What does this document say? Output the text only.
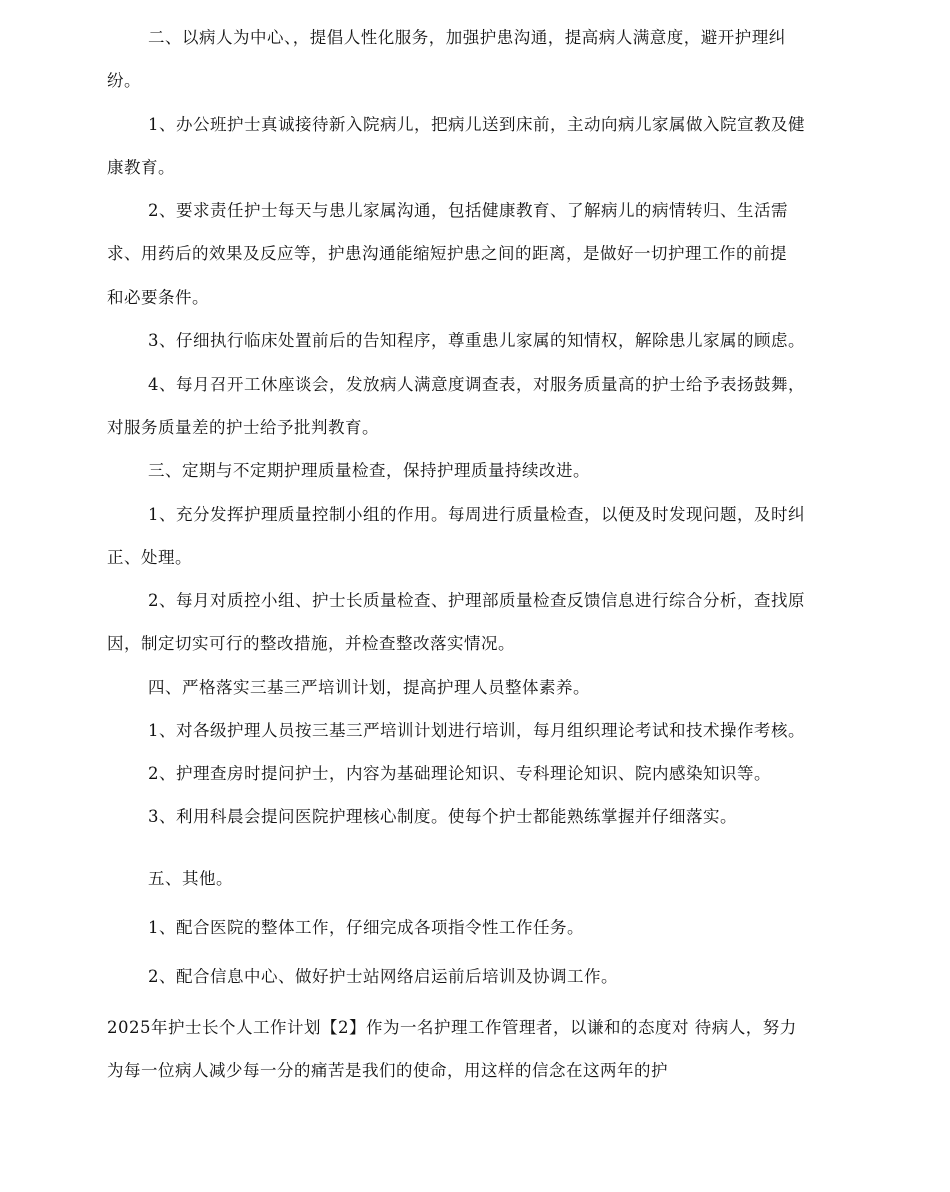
二、以病人为中心、，提倡人性化服务，加强护患沟通，提高病人满意度，避开护理纠
纷。
1、办公班护士真诚接待新入院病儿，把病儿送到床前，主动向病儿家属做入院宣教及健
康教育。
2、要求责任护士每天与患儿家属沟通，包括健康教育、了解病儿的病情转归、生活需
求、用药后的效果及反应等，护患沟通能缩短护患之间的距离，是做好一切护理工作的前提
和必要条件。
3、仔细执行临床处置前后的告知程序，尊重患儿家属的知情权，解除患儿家属的顾虑。
4、每月召开工休座谈会，发放病人满意度调查表，对服务质量高的护士给予表扬鼓舞，
对服务质量差的护士给予批判教育。
三、定期与不定期护理质量检查，保持护理质量持续改进。
1、充分发挥护理质量控制小组的作用。每周进行质量检查，以便及时发现问题，及时纠
正、处理。
2、每月对质控小组、护士长质量检查、护理部质量检查反馈信息进行综合分析，查找原
因，制定切实可行的整改措施，并检查整改落实情况。
四、严格落实三基三严培训计划，提高护理人员整体素养。
1、对各级护理人员按三基三严培训计划进行培训，每月组织理论考试和技术操作考核。
2、护理查房时提问护士，内容为基础理论知识、专科理论知识、院内感染知识等。
3、利用科晨会提问医院护理核心制度。使每个护士都能熟练掌握并仔细落实。
五、其他。
1、配合医院的整体工作，仔细完成各项指令性工作任务。
2、配合信息中心、做好护士站网络启运前后培训及协调工作。
2025年护士长个人工作计划【2】作为一名护理工作管理者，以谦和的态度对 待病人，努力
为每一位病人减少每一分的痛苦是我们的使命，用这样的信念在这两年的护
